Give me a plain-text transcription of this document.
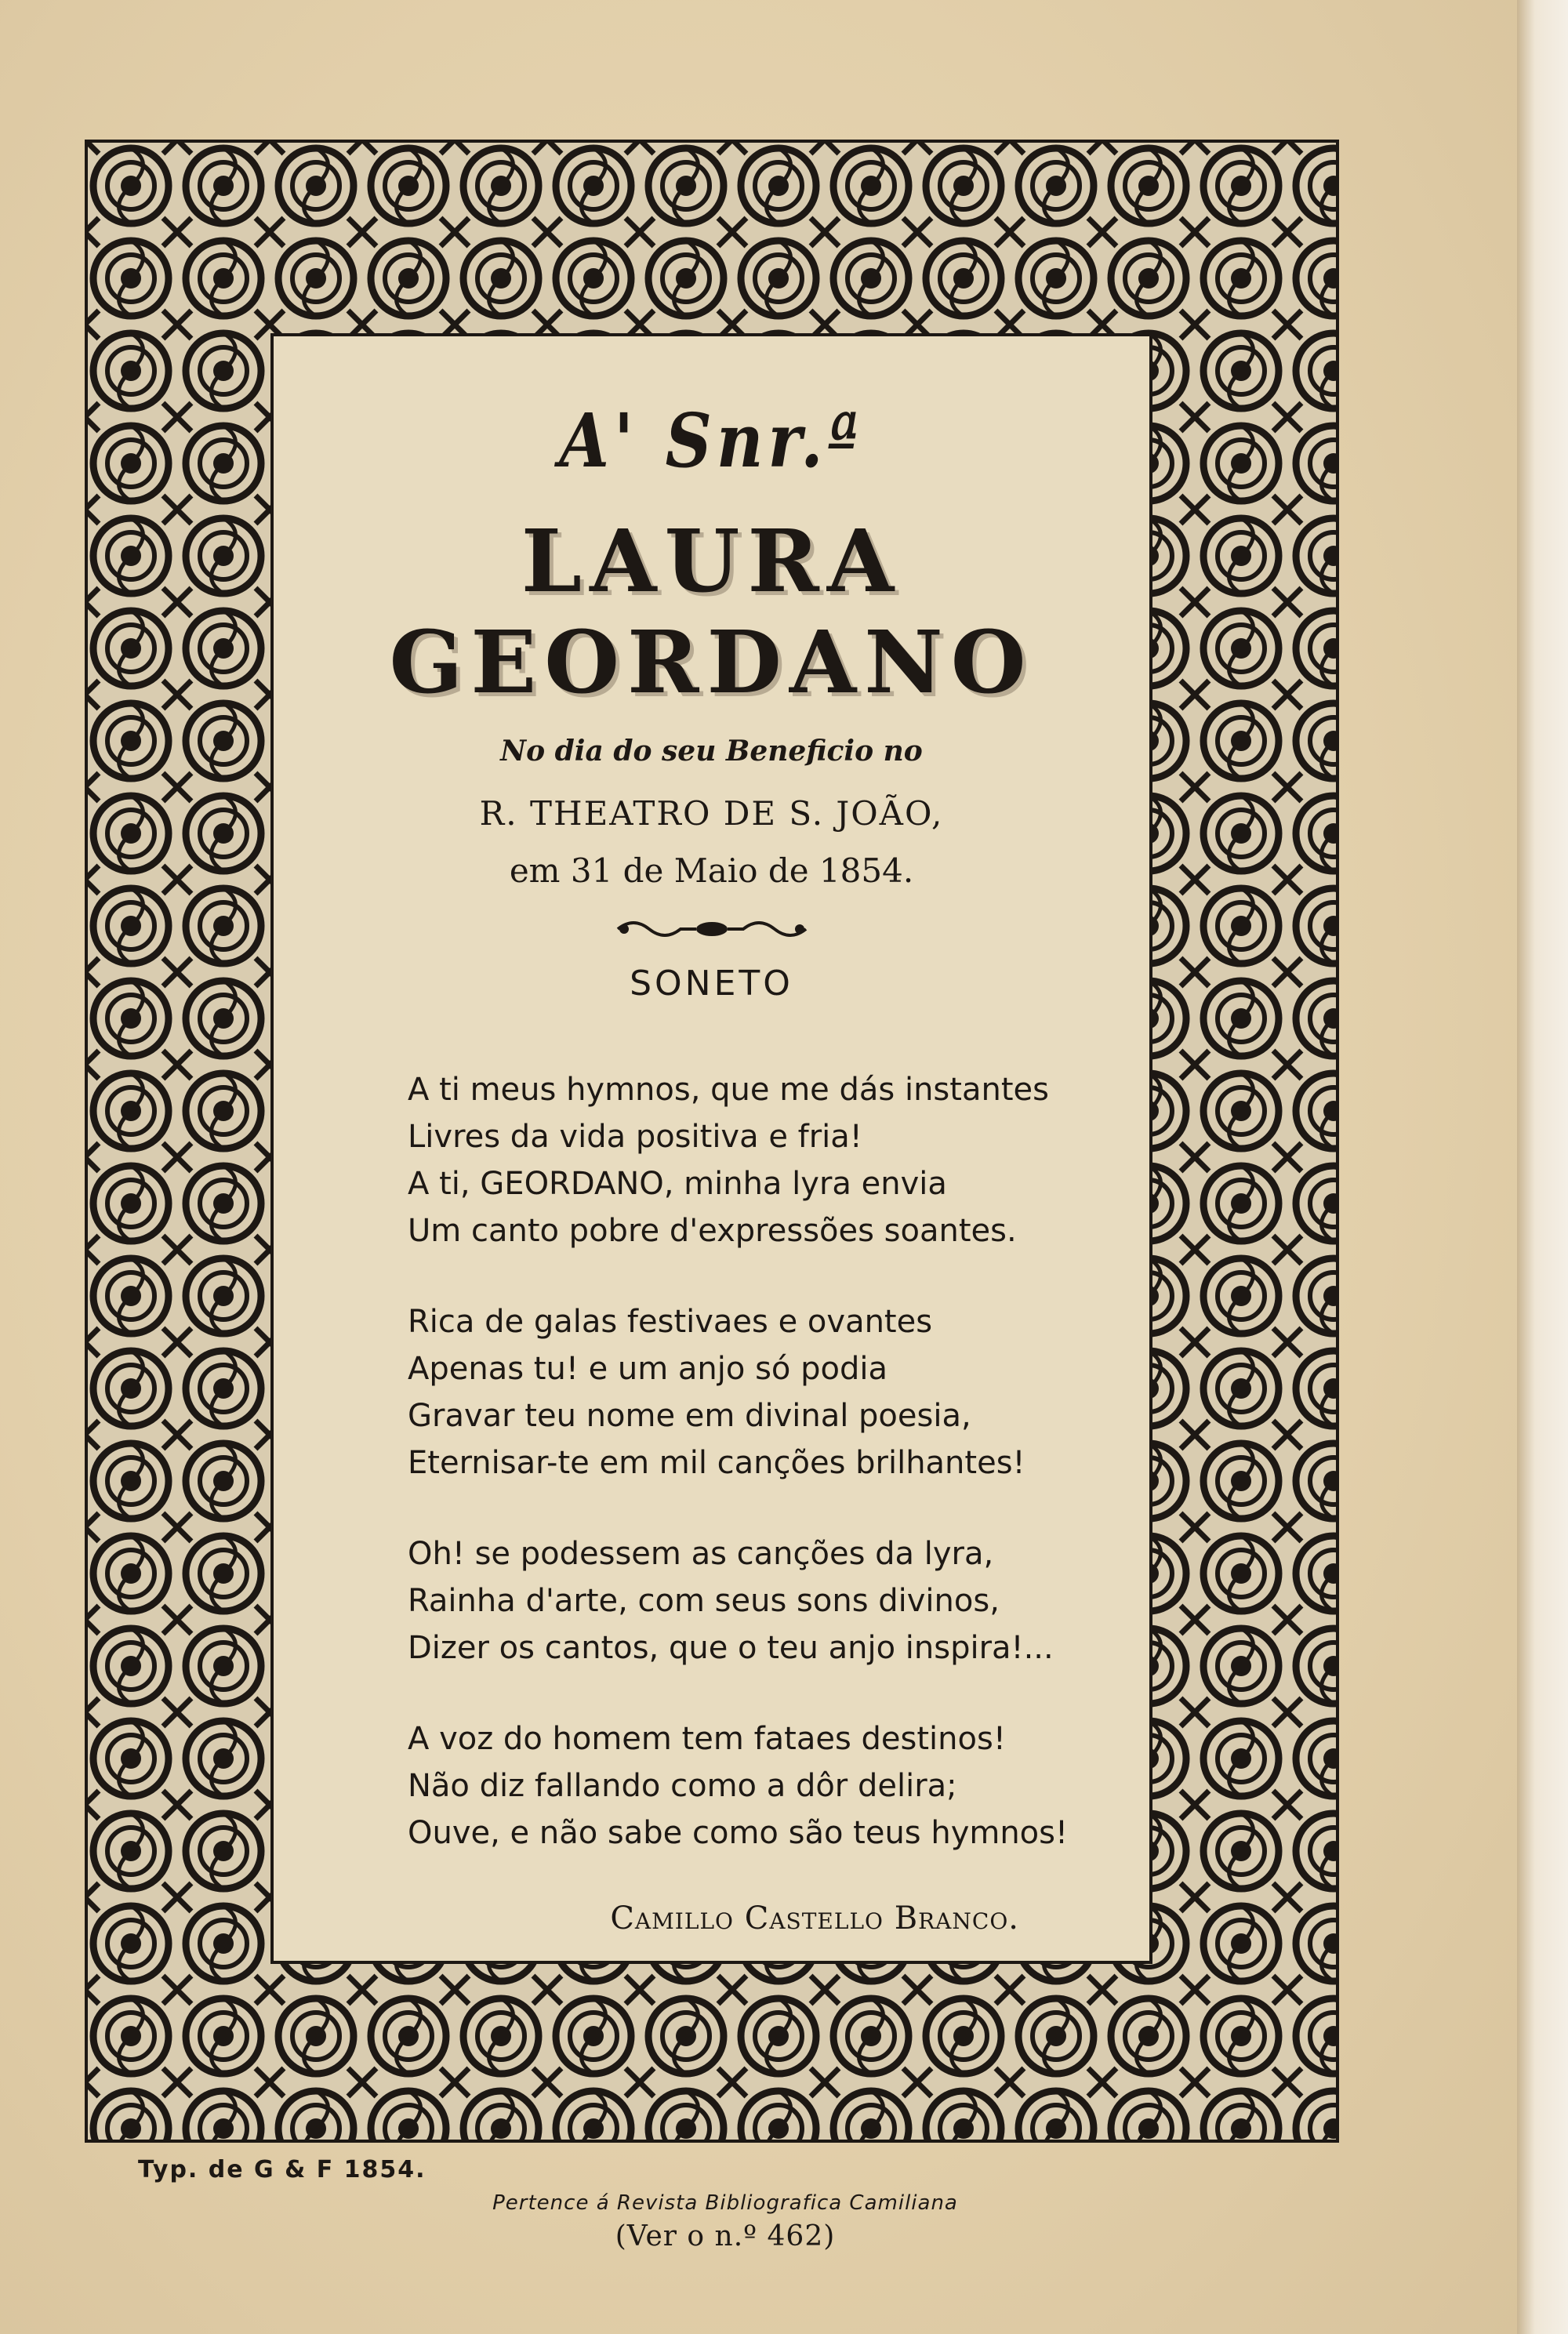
A' Snr.ª
LAURA GEORDANO
No dia do seu Beneficio no
R. THEATRO DE S. JOÃO,
em 31 de Maio de 1854.
SONETO
A ti meus hymnos, que me dás instantes
Livres da vida positiva e fria!
A ti, GEORDANO, minha lyra envia
Um canto pobre d'expressões soantes.
Rica de galas festivaes e ovantes
Apenas tu! e um anjo só podia
Gravar teu nome em divinal poesia,
Eternisar-te em mil canções brilhantes!
Oh! se podessem as canções da lyra,
Rainha d'arte, com seus sons divinos,
Dizer os cantos, que o teu anjo inspira!...
A voz do homem tem fataes destinos!
Não diz fallando como a dôr delira;
Ouve, e não sabe como são teus hymnos!
Camillo Castello Branco.
Typ. de G & F 1854.
Pertence á Revista Bibliografica Camiliana
(Ver o n.º 462)
